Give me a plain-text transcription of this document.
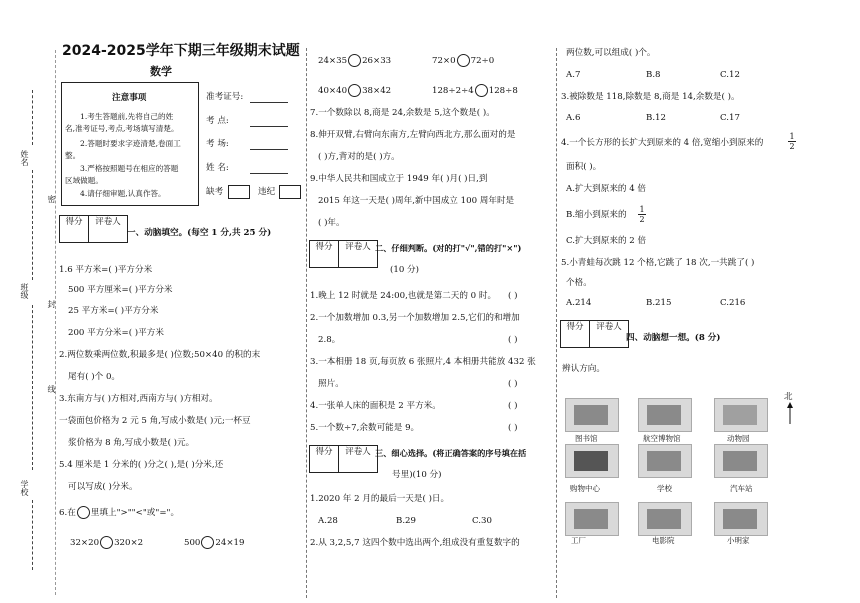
姓名
密
班级
封
线
学校
2024-2025学年下期三年级期末试题
数学
注意事项
1.考生答题前,先将自己的姓
名,准考证号,考点,考场填写清楚。
2.答题时要求字迹清楚,卷面工
整。
3.严格按照题号在相应的答题
区域做题。
4.请仔细审题,认真作答。
准考证号:
考 点:
考 场:
姓 名:
缺考	违纪
得分	评卷人
一、动脑填空。(每空 1 分,共 25 分)
1.6 平方米=( )平方分米
500 平方厘米=( )平方分米
25 平方米=( )平方分米
200 平方分米=( )平方米
2.两位数乘两位数,积最多是( )位数;50×40 的积的末
尾有( )个 0。
3.东南方与( )方相对,西南方与( )方相对。
一袋面包价格为 2 元 5 角,写成小数是( )元;一杯豆
浆价格为 8 角,写成小数是( )元。
5.4 厘米是 1 分米的( )分之( ),是( )分米,还
可以写成( )分米。
6.在 里填上">""<"或"="。
32×20 320×2	500 24×19
24×35 26×33	72×0 72÷0
40×40 38×42	128÷2÷4 128÷8
7.一个数除以 8,商是 24,余数是 5,这个数是( )。
8.伸开双臂,右臂向东南方,左臂向西北方,那么面对的是
( )方,背对的是( )方。
9.中华人民共和国成立于 1949 年( )月( )日,到
2015 年这一天是( )周年,新中国成立 100 周年时是
( )年。
得分	评卷人 二、仔细判断。(对的打"√",错的打"×")
(10 分)
1.晚上 12 时就是 24:00,也就是第二天的 0 时。 ( )
2.一个加数增加 0.3,另一个加数增加 2.5,它们的和增加
2.8。	( )
3.一本相册 18 页,每页放 6 张照片,4 本相册共能放 432 张
照片。	( )
4.一张单人床的面积是 2 平方米。	( )
5.一个数÷7,余数可能是 9。	( )
得分	评卷人 三、细心选择。(将正确答案的序号填在括
号里)(10 分)
1.2020 年 2 月的最后一天是( )日。
A.28	B.29	C.30
2.从 3,2,5,7 这四个数中选出两个,组成没有重复数字的
两位数,可以组成( )个。
A.7	B.8	C.12
3.被除数是 118,除数是 8,商是 14,余数是( )。
A.6	B.12	C.17
4.一个长方形的长扩大到原来的 4 倍,宽缩小到原来的
1
2
面积( )。
A.扩大到原来的 4 倍
B.缩小到原来的
1
2
C.扩大到原来的 2 倍
5.小青蛙每次跳 12 个格,它跳了 18 次,一共跳了( )
个格。
A.214	B.215	C.216
得分	评卷人
四、动脑想一想。(8 分)
辨认方向。
北
图书馆	航空博物馆	动物园
购物中心	学校	汽车站
工厂	电影院	小明家
